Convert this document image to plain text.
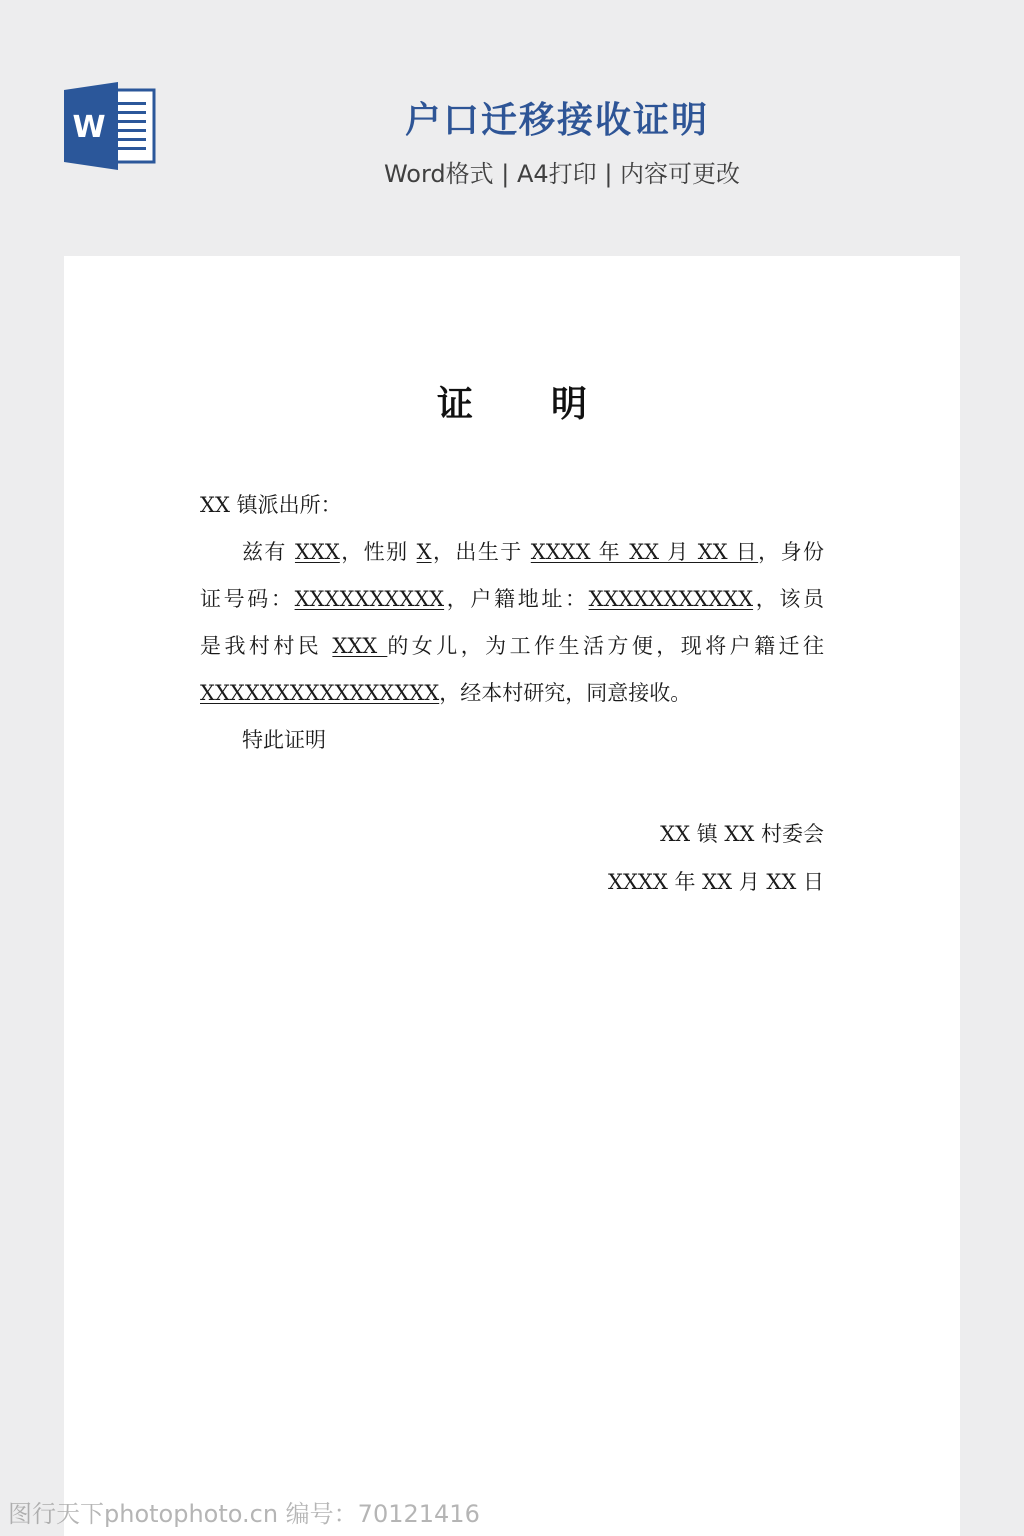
W	户口迁移接收证明
Word格式 | A4打印 | 内容可更改
证 明
XX 镇派出所：
兹有 XXX，性别 X，出生于 XXXX 年 XX 月 XX 日，身份
证号码：XXXXXXXXXX，户籍地址：XXXXXXXXXXX，该员
是我村村民 XXX 的女儿，为工作生活方便，现将户籍迁往
XXXXXXXXXXXXXXXX，经本村研究，同意接收。
特此证明
XX 镇 XX 村委会
XXXX 年 XX 月 XX 日
图行天下photophoto.cn 编号：70121416
